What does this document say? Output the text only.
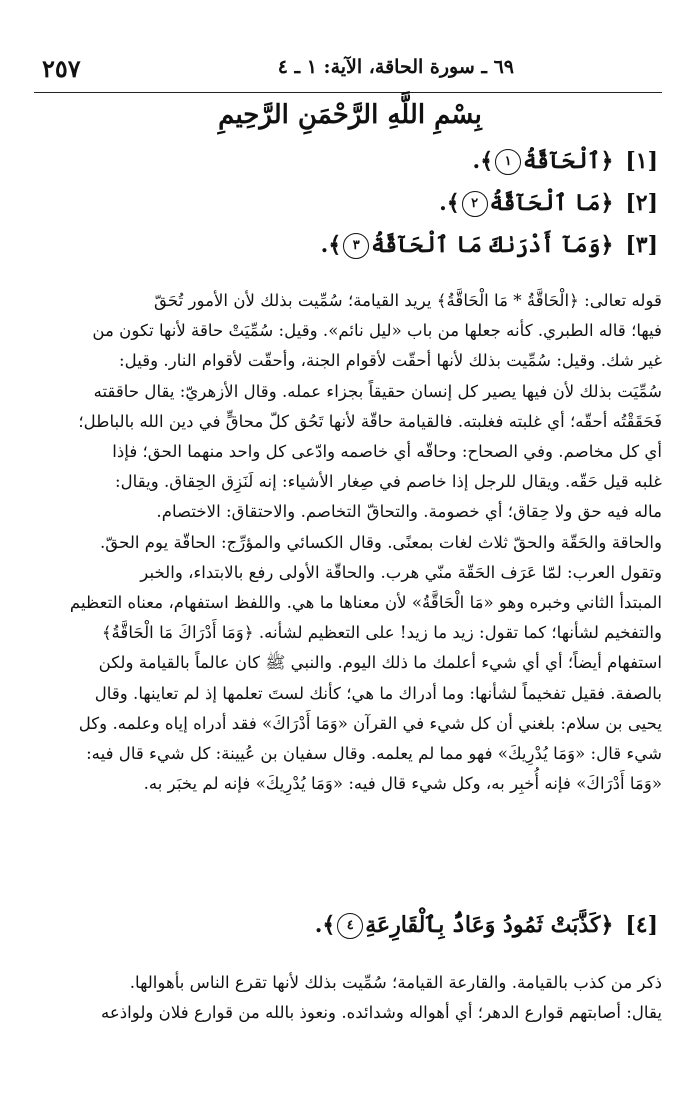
٦٩ ـ سورة الحاقة، الآية: ١ ـ ٤
٢٥٧
بِسْمِ اللَّهِ الرَّحْمَنِ الرَّحِيمِ
[١]﴿ٱلْحَآقَّةُ١﴾.
[٢]﴿مَا ٱلْحَآقَّةُ٢﴾.
[٣]﴿وَمَآ أَدْرَىٰكَ مَا ٱلْحَآقَّةُ٣﴾.

قوله تعالى: ﴿الْحَاقَّةُ * مَا الْحَاقَّةُ﴾ يريد القيامة؛ سُمِّيت بذلك لأن الأمور تُحَقّ

فيها؛ قاله الطبري. كأنه جعلها من باب «ليل نائم». وقيل: سُمِّيَتْ حاقة لأنها تكون من

غير شك. وقيل: سُمِّيت بذلك لأنها أحقّت لأقوام الجنة، وأحقّت لأقوام النار. وقيل:

سُمِّيَت بذلك لأن فيها يصير كل إنسان حقيقاً بجزاء عمله. وقال الأزهريّ: يقال حاققته

فَحَقَقْتُه أحقّه؛ أي غلبته فغلبته. فالقيامة حاقّة لأنها تَحُق كلّ محاقٍّ في دين الله بالباطل؛

أي كل مخاصم. وفي الصحاح: وحاقّه أي خاصمه وادّعى كل واحد منهما الحق؛ فإذا

غلبه قيل حَقّه. ويقال للرجل إذا خاصم في صِغار الأشياء: إنه لَنَزِق الحِقاق. ويقال:

ماله فيه حق ولا حِقاق؛ أي خصومة. والتحاقّ التخاصم. والاحتقاق: الاختصام.

والحاقة والحَقّة والحقّ ثلاث لغات بمعنًى. وقال الكسائي والمؤرِّج: الحاقّة يوم الحقّ.

وتقول العرب: لمّا عَرَف الحَقّة منّي هرب. والحاقّة الأولى رفع بالابتداء، والخبر

المبتدأ الثاني وخبره وهو «مَا الْحَاقَّةُ» لأن معناها ما هي. واللفظ استفهام، معناه التعظيم

والتفخيم لشأنها؛ كما تقول: زيد ما زيد! على التعظيم لشأنه. ﴿وَمَا أَدْرَاكَ مَا الْحَاقَّةُ﴾

استفهام أيضاً؛ أي أي شيء أعلمك ما ذلك اليوم. والنبي ﷺ كان عالماً بالقيامة ولكن

بالصفة. فقيل تفخيماً لشأنها: وما أدراك ما هي؛ كأنك لستَ تعلمها إذ لم تعاينها. وقال

يحيى بن سلام: بلغني أن كل شيء في القرآن «وَمَا أَدْرَاكَ» فقد أدراه إياه وعلمه. وكل

شيء قال: «وَمَا يُدْرِيكَ» فهو مما لم يعلمه. وقال سفيان بن عُيينة: كل شيء قال فيه:

«وَمَا أَدْرَاكَ» فإنه أُخبِر به، وكل شيء قال فيه: «وَمَا يُدْرِيكَ» فإنه لم يخبَر به.

[٤]﴿كَذَّبَتْ ثَمُودُ وَعَادٌۢ بِٱلْقَارِعَةِ٤﴾.

ذكر من كذب بالقيامة. والقارعة القيامة؛ سُمِّيت بذلك لأنها تقرع الناس بأهوالها.

يقال: أصابتهم قوارع الدهر؛ أي أهواله وشدائده. ونعوذ بالله من قوارع فلان ولواذعه
